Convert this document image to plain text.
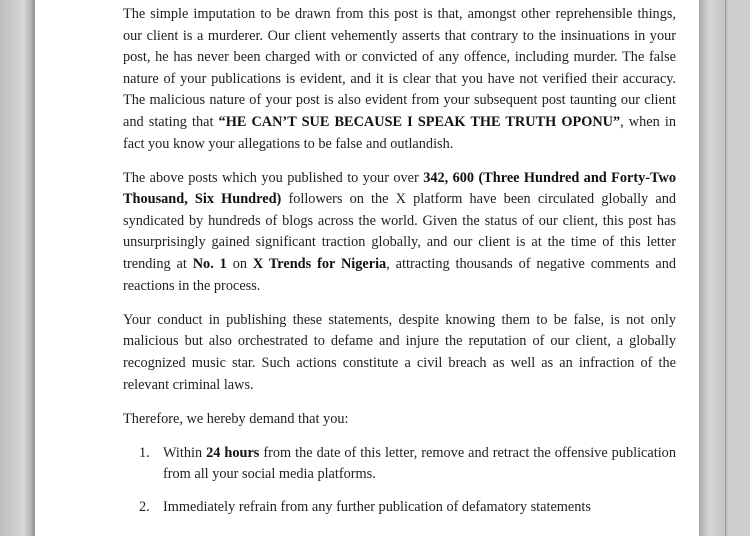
The simple imputation to be drawn from this post is that, amongst other reprehensible things, our client is a murderer. Our client vehemently asserts that contrary to the insinuations in your post, he has never been charged with or convicted of any offence, including murder. The false nature of your publications is evident, and it is clear that you have not verified their accuracy. The malicious nature of your post is also evident from your subsequent post taunting our client and stating that “HE CAN’T SUE BECAUSE I SPEAK THE TRUTH OPONU”, when in fact you know your allegations to be false and outlandish.

The above posts which you published to your over 342, 600 (Three Hundred and Forty-Two Thousand, Six Hundred) followers on the X platform have been circulated globally and syndicated by hundreds of blogs across the world. Given the status of our client, this post has unsurprisingly gained significant traction globally, and our client is at the time of this letter trending at No. 1 on X Trends for Nigeria, attracting thousands of negative comments and reactions in the process.

Your conduct in publishing these statements, despite knowing them to be false, is not only malicious but also orchestrated to defame and injure the reputation of our client, a globally recognized music star. Such actions constitute a civil breach as well as an infraction of the relevant criminal laws.

Therefore, we hereby demand that you:

1. Within 24 hours from the date of this letter, remove and retract the offensive publication from all your social media platforms.
2. Immediately refrain from any further publication of defamatory statements
